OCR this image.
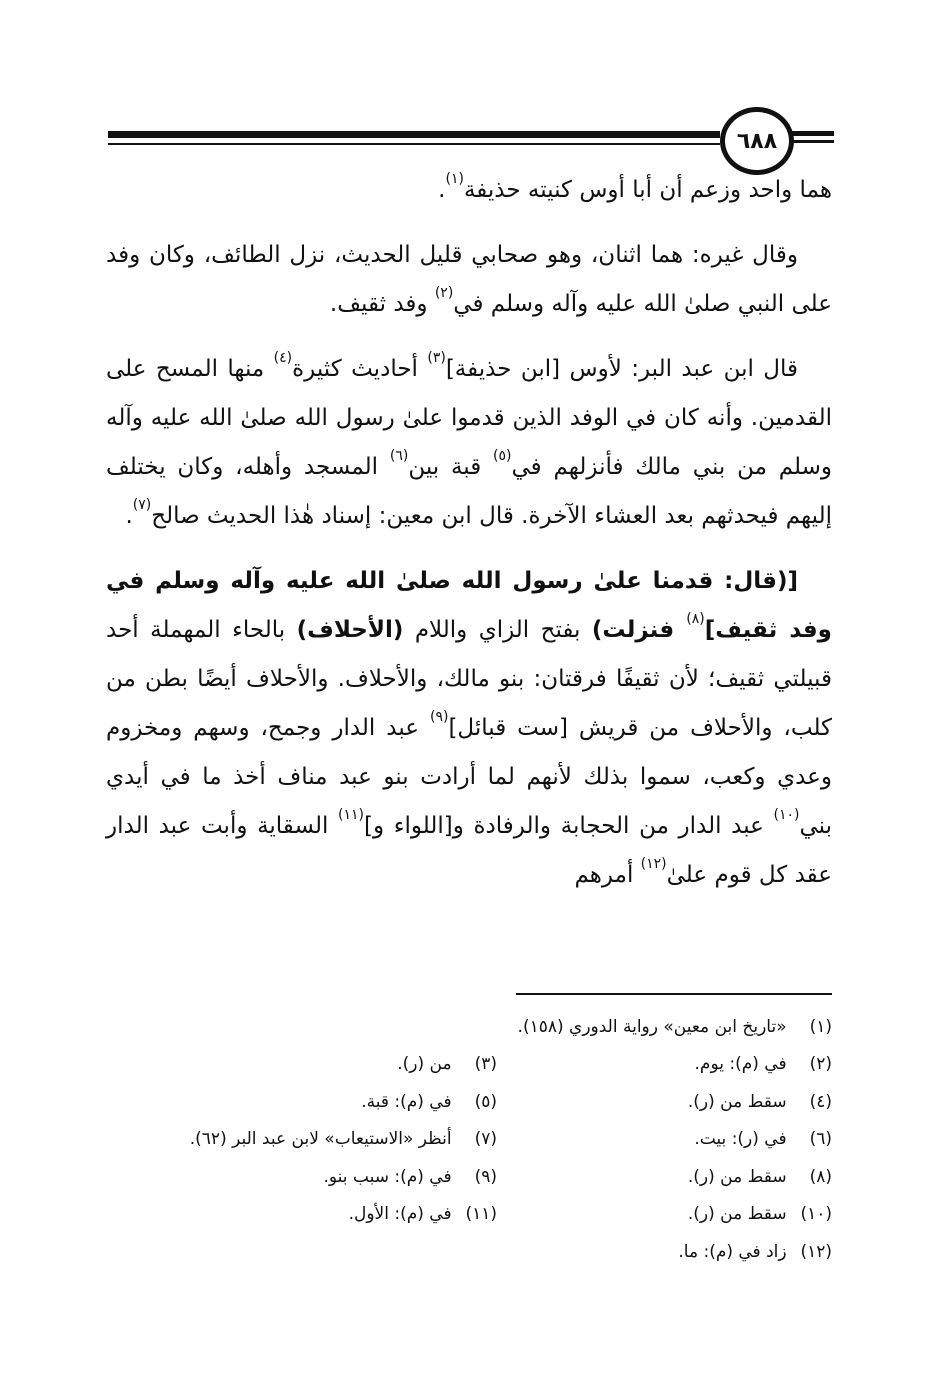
٦٨٨

هما واحد وزعم أن أبا أوس كنيته حذيفة$^{(١)}$.

وقال غيره: هما اثنان، وهو صحابي قليل الحديث، نزل الطائف، وكان وفد على النبي صلىٰ الله عليه وآله وسلم في$^{(٢)}$ وفد ثقيف.

قال ابن عبد البر: لأوس [ابن حذيفة]$^{(٣)}$ أحاديث كثيرة$^{(٤)}$ منها المسح على القدمين. وأنه كان في الوفد الذين قدموا علىٰ رسول الله صلىٰ الله عليه وآله وسلم من بني مالك فأنزلهم في$^{(٥)}$ قبة بين$^{(٦)}$ المسجد وأهله، وكان يختلف إليهم فيحدثهم بعد العشاء الآخرة. قال ابن معين: إسناد هٰذا الحديث صالح$^{(٧)}$.

[(قال: قدمنا علىٰ رسول الله صلىٰ الله عليه وآله وسلم في وفد ثقيف]$^{(٨)}$ فنزلت) بفتح الزاي واللام (الأحلاف) بالحاء المهملة أحد قبيلتي ثقيف؛ لأن ثقيفًا فرقتان: بنو مالك، والأحلاف. والأحلاف أيضًا بطن من كلب، والأحلاف من قريش [ست قبائل]$^{(٩)}$ عبد الدار وجمح، وسهم ومخزوم وعدي وكعب، سموا بذلك لأنهم لما أرادت بنو عبد مناف أخذ ما في أيدي بني$^{(١٠)}$ عبد الدار من الحجابة والرفادة و[اللواء و]$^{(١١)}$ السقاية وأبت عبد الدار عقد كل قوم علىٰ$^{(١٢)}$ أمرهم

(١) «تاريخ ابن معين» رواية الدوري (١٥٨).
(٢) في (م): يوم.
(٣) من (ر).
(٤) سقط من (ر).
(٥) في (م): قبة.
(٦) في (ر): بيت.
(٧) أنظر «الاستيعاب» لابن عبد البر (٦٢).
(٨) سقط من (ر).
(٩) في (م): سبب بنو.
(١٠) سقط من (ر).
(١١) في (م): الأول.
(١٢) زاد في (م): ما.
